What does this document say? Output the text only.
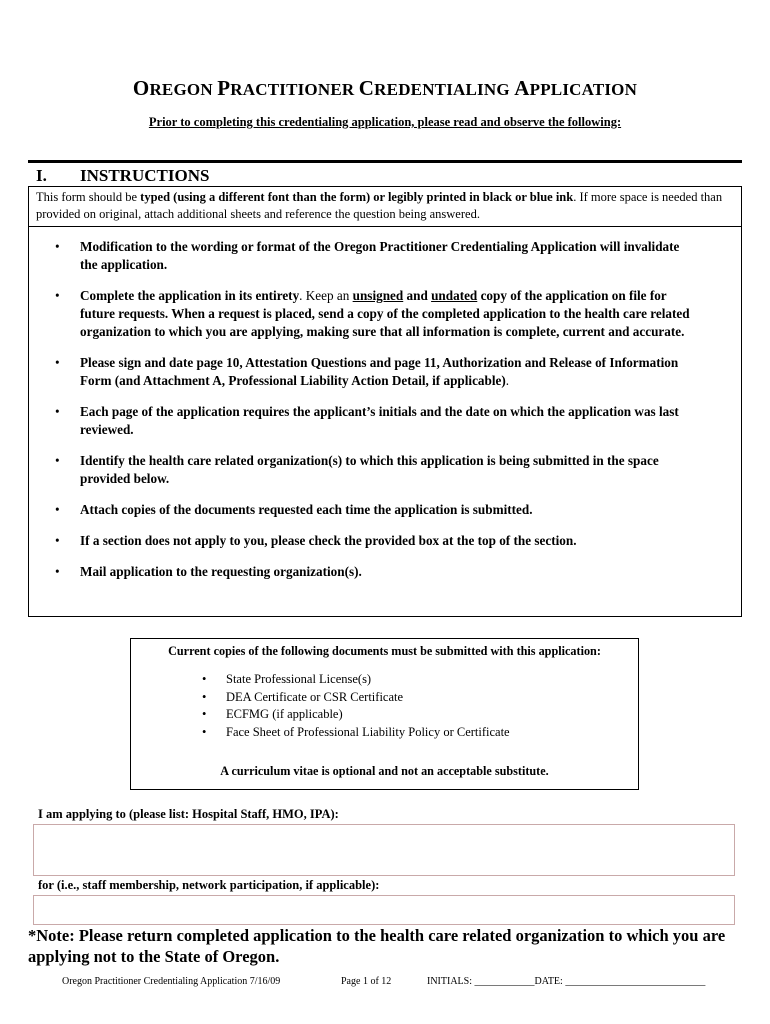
OREGON PRACTITIONER CREDENTIALING APPLICATION
Prior to completing this credentialing application, please read and observe the following:
I. INSTRUCTIONS
This form should be typed (using a different font than the form) or legibly printed in black or blue ink. If more space is needed than provided on original, attach additional sheets and reference the question being answered.
• Modification to the wording or format of the Oregon Practitioner Credentialing Application will invalidate the application.
• Complete the application in its entirety. Keep an unsigned and undated copy of the application on file for future requests. When a request is placed, send a copy of the completed application to the health care related organization to which you are applying, making sure that all information is complete, current and accurate.
• Please sign and date page 10, Attestation Questions and page 11, Authorization and Release of Information Form (and Attachment A, Professional Liability Action Detail, if applicable).
• Each page of the application requires the applicant’s initials and the date on which the application was last reviewed.
• Identify the health care related organization(s) to which this application is being submitted in the space provided below.
• Attach copies of the documents requested each time the application is submitted.
• If a section does not apply to you, please check the provided box at the top of the section.
• Mail application to the requesting organization(s).
Current copies of the following documents must be submitted with this application:
• State Professional License(s)
• DEA Certificate or CSR Certificate
• ECFMG (if applicable)
• Face Sheet of Professional Liability Policy or Certificate
A curriculum vitae is optional and not an acceptable substitute.
I am applying to (please list: Hospital Staff, HMO, IPA):
for (i.e., staff membership, network participation, if applicable):
*Note: Please return completed application to the health care related organization to which you are applying not to the State of Oregon.
Oregon Practitioner Credentialing Application 7/16/09	Page 1 of 12	INITIALS: ____________DATE: ____________________________
